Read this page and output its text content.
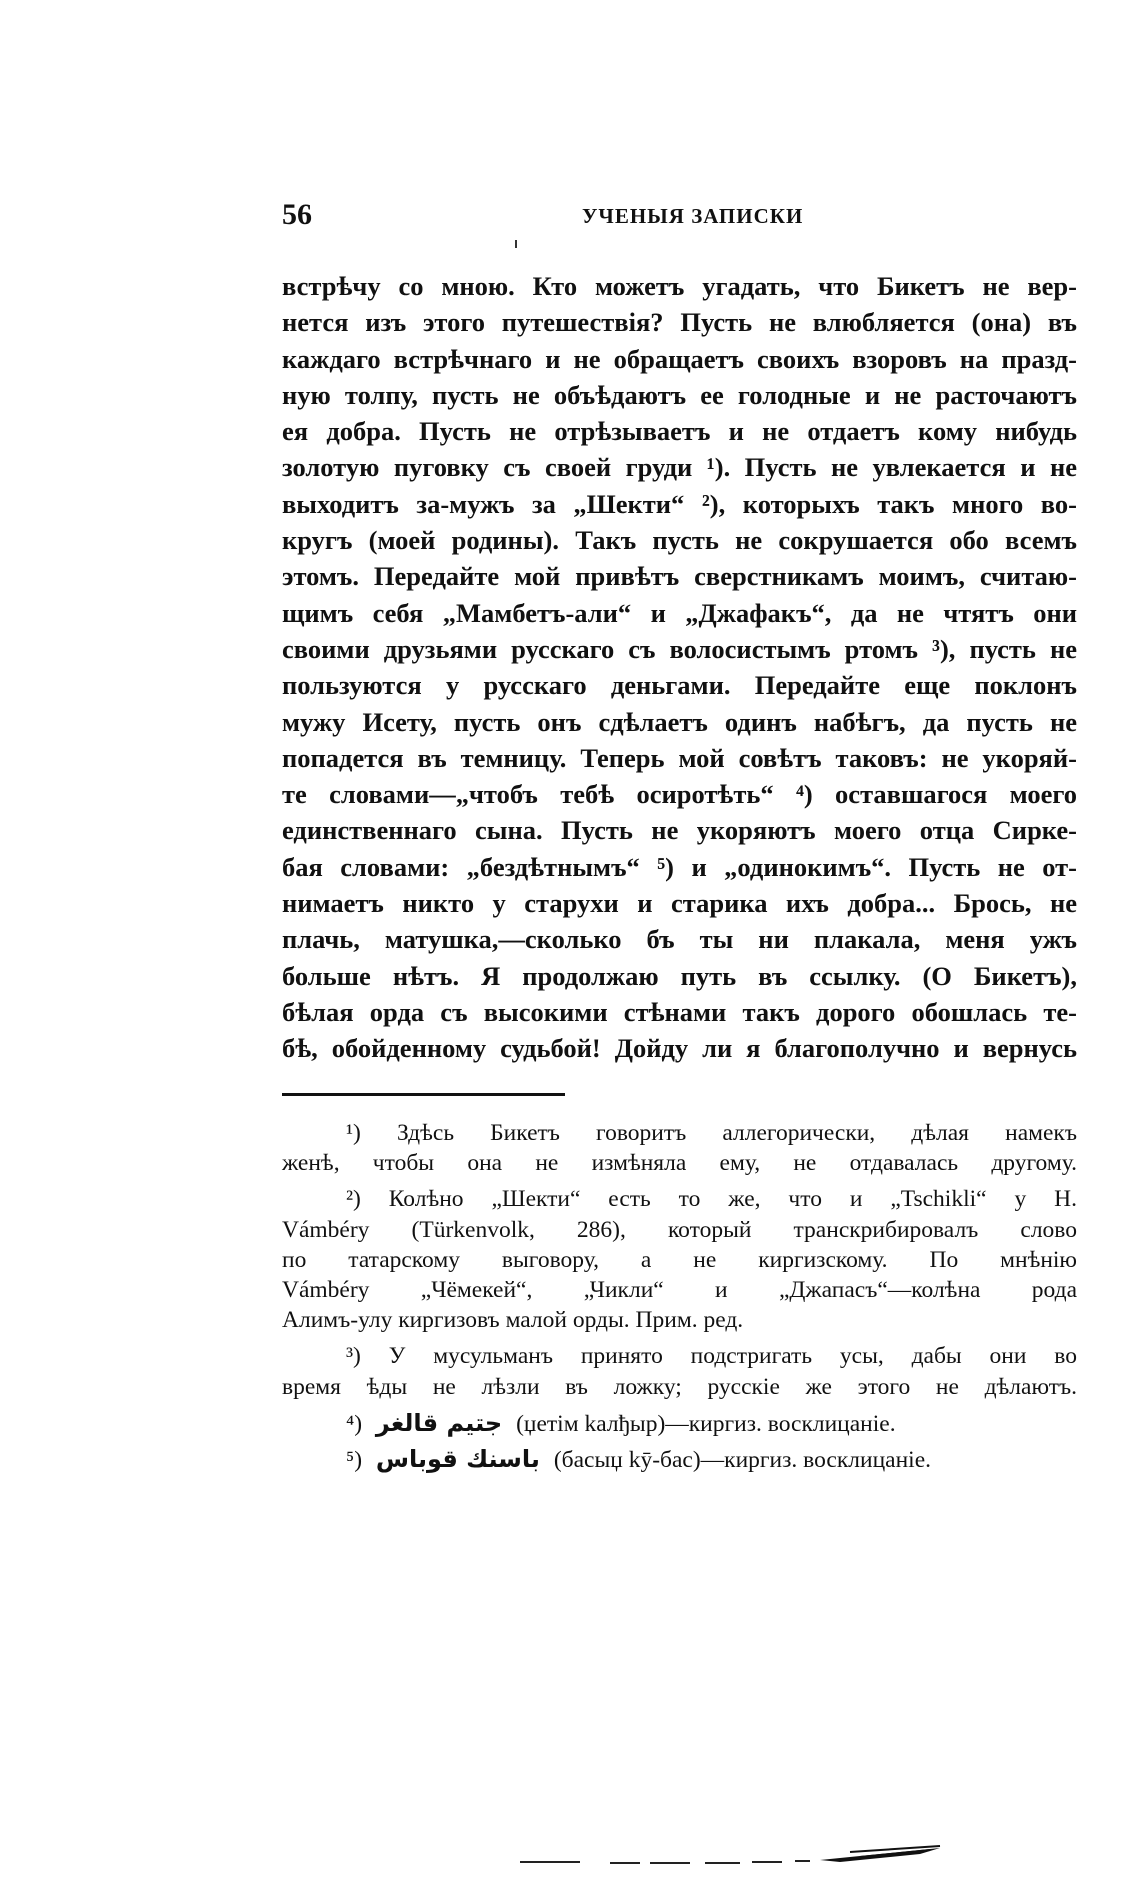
56	УЧЕНЫЯ ЗАПИСКИ
встрѣчу со мною. Кто можетъ угадать, что Бикетъ не вер-
нется изъ этого путешествія? Пусть не влюбляется (она) въ
каждаго встрѣчнаго и не обращаетъ своихъ взоровъ на празд-
ную толпу, пусть не объѣдаютъ ее голодные и не расточаютъ
ея добра. Пусть не отрѣзываетъ и не отдаетъ кому нибудь
золотую пуговку съ своей груди ¹). Пусть не увлекается и не
выходитъ за-мужъ за „Шекти“ ²), которыхъ такъ много во-
кругъ (моей родины). Такъ пусть не сокрушается обо всемъ
этомъ. Передайте мой привѣтъ сверстникамъ моимъ, считаю-
щимъ себя „Мамбетъ-али“ и „Джафакъ“, да не чтятъ они
своими друзьями русскаго съ волосистымъ ртомъ ³), пусть не
пользуются у русскаго деньгами. Передайте еще поклонъ
мужу Исету, пусть онъ сдѣлаетъ одинъ набѣгъ, да пусть не
попадется въ темницу. Теперь мой совѣтъ таковъ: не укоряй-
те словами—„чтобъ тебѣ осиротѣть“ ⁴) оставшагося моего
единственнаго сына. Пусть не укоряютъ моего отца Сирке-
бая словами: „бездѣтнымъ“ ⁵) и „одинокимъ“. Пусть не от-
нимаетъ никто у старухи и старика ихъ добра... Брось, не
плачь, матушка,—сколько бъ ты ни плакала, меня ужъ
больше нѣтъ. Я продолжаю путь въ ссылку. (О Бикетъ),
бѣлая орда съ высокими стѣнами такъ дорого обошлась те-
бѣ, обойденному судьбой! Дойду ли я благополучно и вернусь
¹) Здѣсь Бикетъ говоритъ аллегорически, дѣлая намекъ
женѣ, чтобы она не измѣняла ему, не отдавалась другому.
²) Колѣно „Шекти“ есть то же, что и „Tschikli“ у H.
Vámbéry (Türkenvolk, 286), который транскрибировалъ слово
по татарскому выговору, а не киргизскому. По мнѣнію
Vámbéry „Чёмекей“, „Чикли“ и „Джапасъ“—колѣна рода
Алимъ-улу киргизовъ малой орды. Прим. ред.
³) У мусульманъ принято подстригать усы, дабы они во
время ѣды не лѣзли въ ложку; русскіе же этого не дѣлаютъ.
⁴) جتيم قالغر (џетім kалђыр)—киргиз. восклицаніе.
⁵) باسنك قوباس (басыџ kӯ-бас)—киргиз. восклицаніе.
